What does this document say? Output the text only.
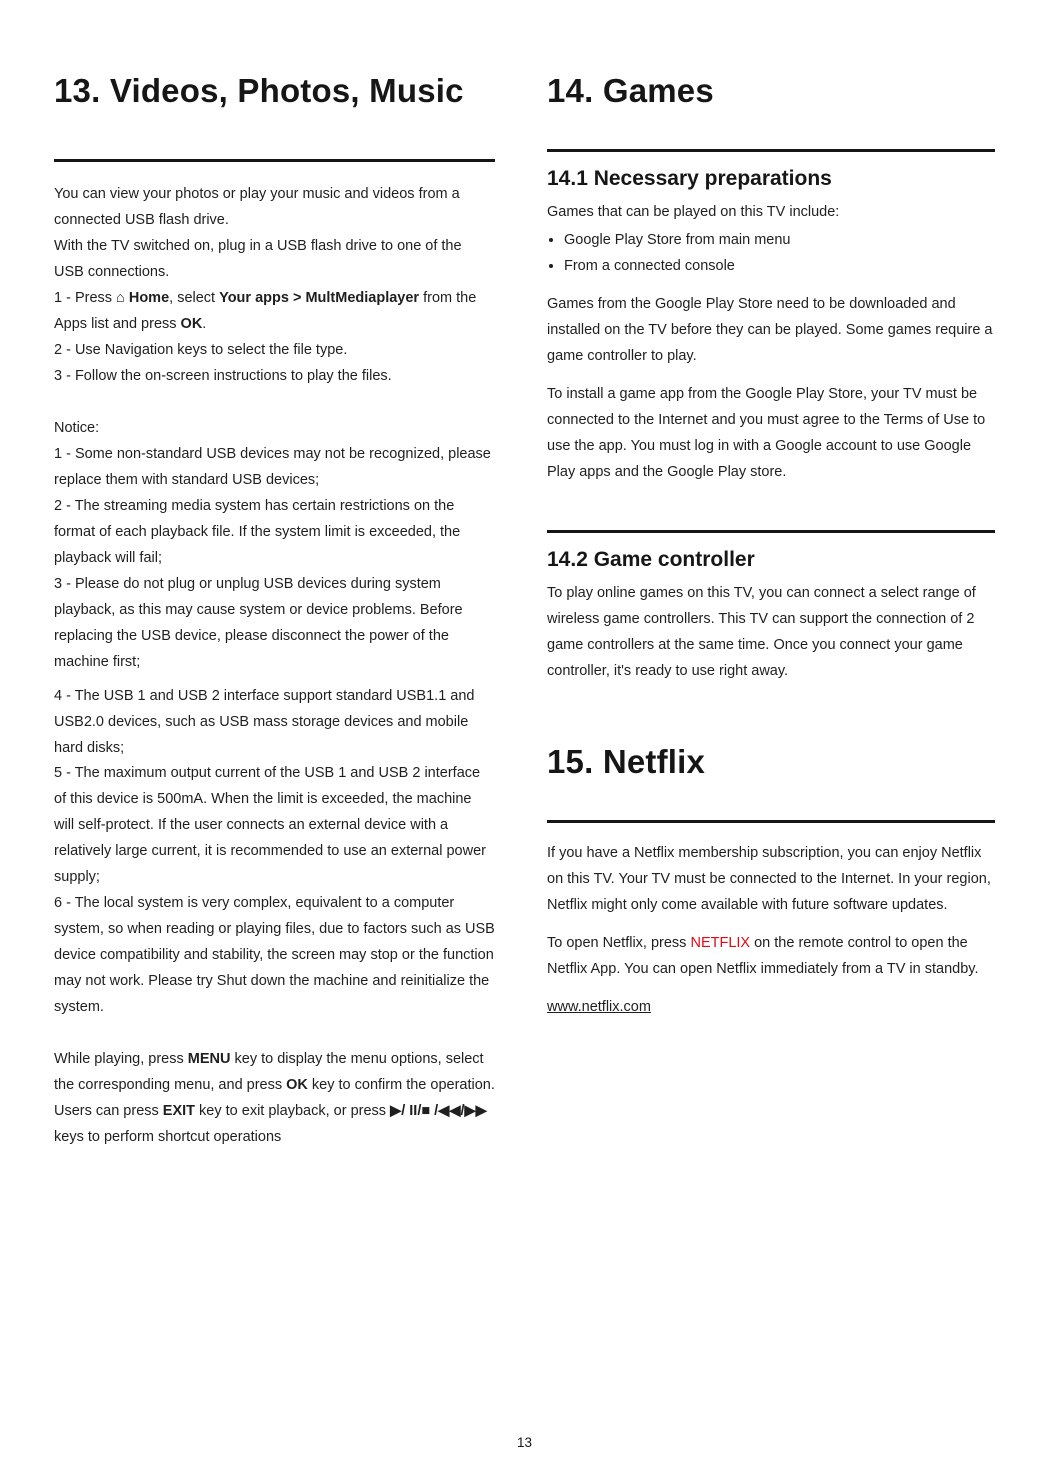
13. Videos, Photos, Music

You can view your photos or play your music and videos from a connected USB flash drive.

With the TV switched on, plug in a USB flash drive to one of the USB connections.

1 - Press ⌂ Home, select Your apps > MultMediaplayer from the Apps list and press OK.

2 - Use Navigation keys to select the file type.

3 - Follow the on-screen instructions to play the files.

Notice:

1 - Some non-standard USB devices may not be recognized, please replace them with standard USB devices;

2 - The streaming media system has certain restrictions on the format of each playback file. If the system limit is exceeded, the playback will fail;

3 - Please do not plug or unplug USB devices during system playback, as this may cause system or device problems. Before replacing the USB device, please disconnect the power of the machine first;

4 - The USB 1 and USB 2 interface support standard USB1.1 and USB2.0 devices, such as USB mass storage devices and mobile hard disks;

5 - The maximum output current of the USB 1 and USB 2 interface of this device is 500mA. When the limit is exceeded, the machine will self-protect. If the user connects an external device with a relatively large current, it is recommended to use an external power supply;

6 - The local system is very complex, equivalent to a computer system, so when reading or playing files, due to factors such as USB device compatibility and stability, the screen may stop or the function may not work. Please try Shut down the machine and reinitialize the system.

While playing, press MENU key to display the menu options, select the corresponding menu, and press OK key to confirm the operation. Users can press EXIT key to exit playback, or press ▶/ II/■ /◀◀/▶▶ keys to perform shortcut operations

14. Games
14.1 Necessary preparations

Games that can be played on this TV include:

• Google Play Store from main menu
• From a connected console

Games from the Google Play Store need to be downloaded and installed on the TV before they can be played. Some games require a game controller to play.

To install a game app from the Google Play Store, your TV must be connected to the Internet and you must agree to the Terms of Use to use the app. You must log in with a Google account to use Google Play apps and the Google Play store.

14.2 Game controller

To play online games on this TV, you can connect a select range of wireless game controllers. This TV can support the connection of 2 game controllers at the same time. Once you connect your game controller, it's ready to use right away.

15. Netflix

If you have a Netflix membership subscription, you can enjoy Netflix on this TV. Your TV must be connected to the Internet. In your region, Netflix might only come available with future software updates.

To open Netflix, press NETFLIX on the remote control to open the Netflix App. You can open Netflix immediately from a TV in standby.

www.netflix.com
13
